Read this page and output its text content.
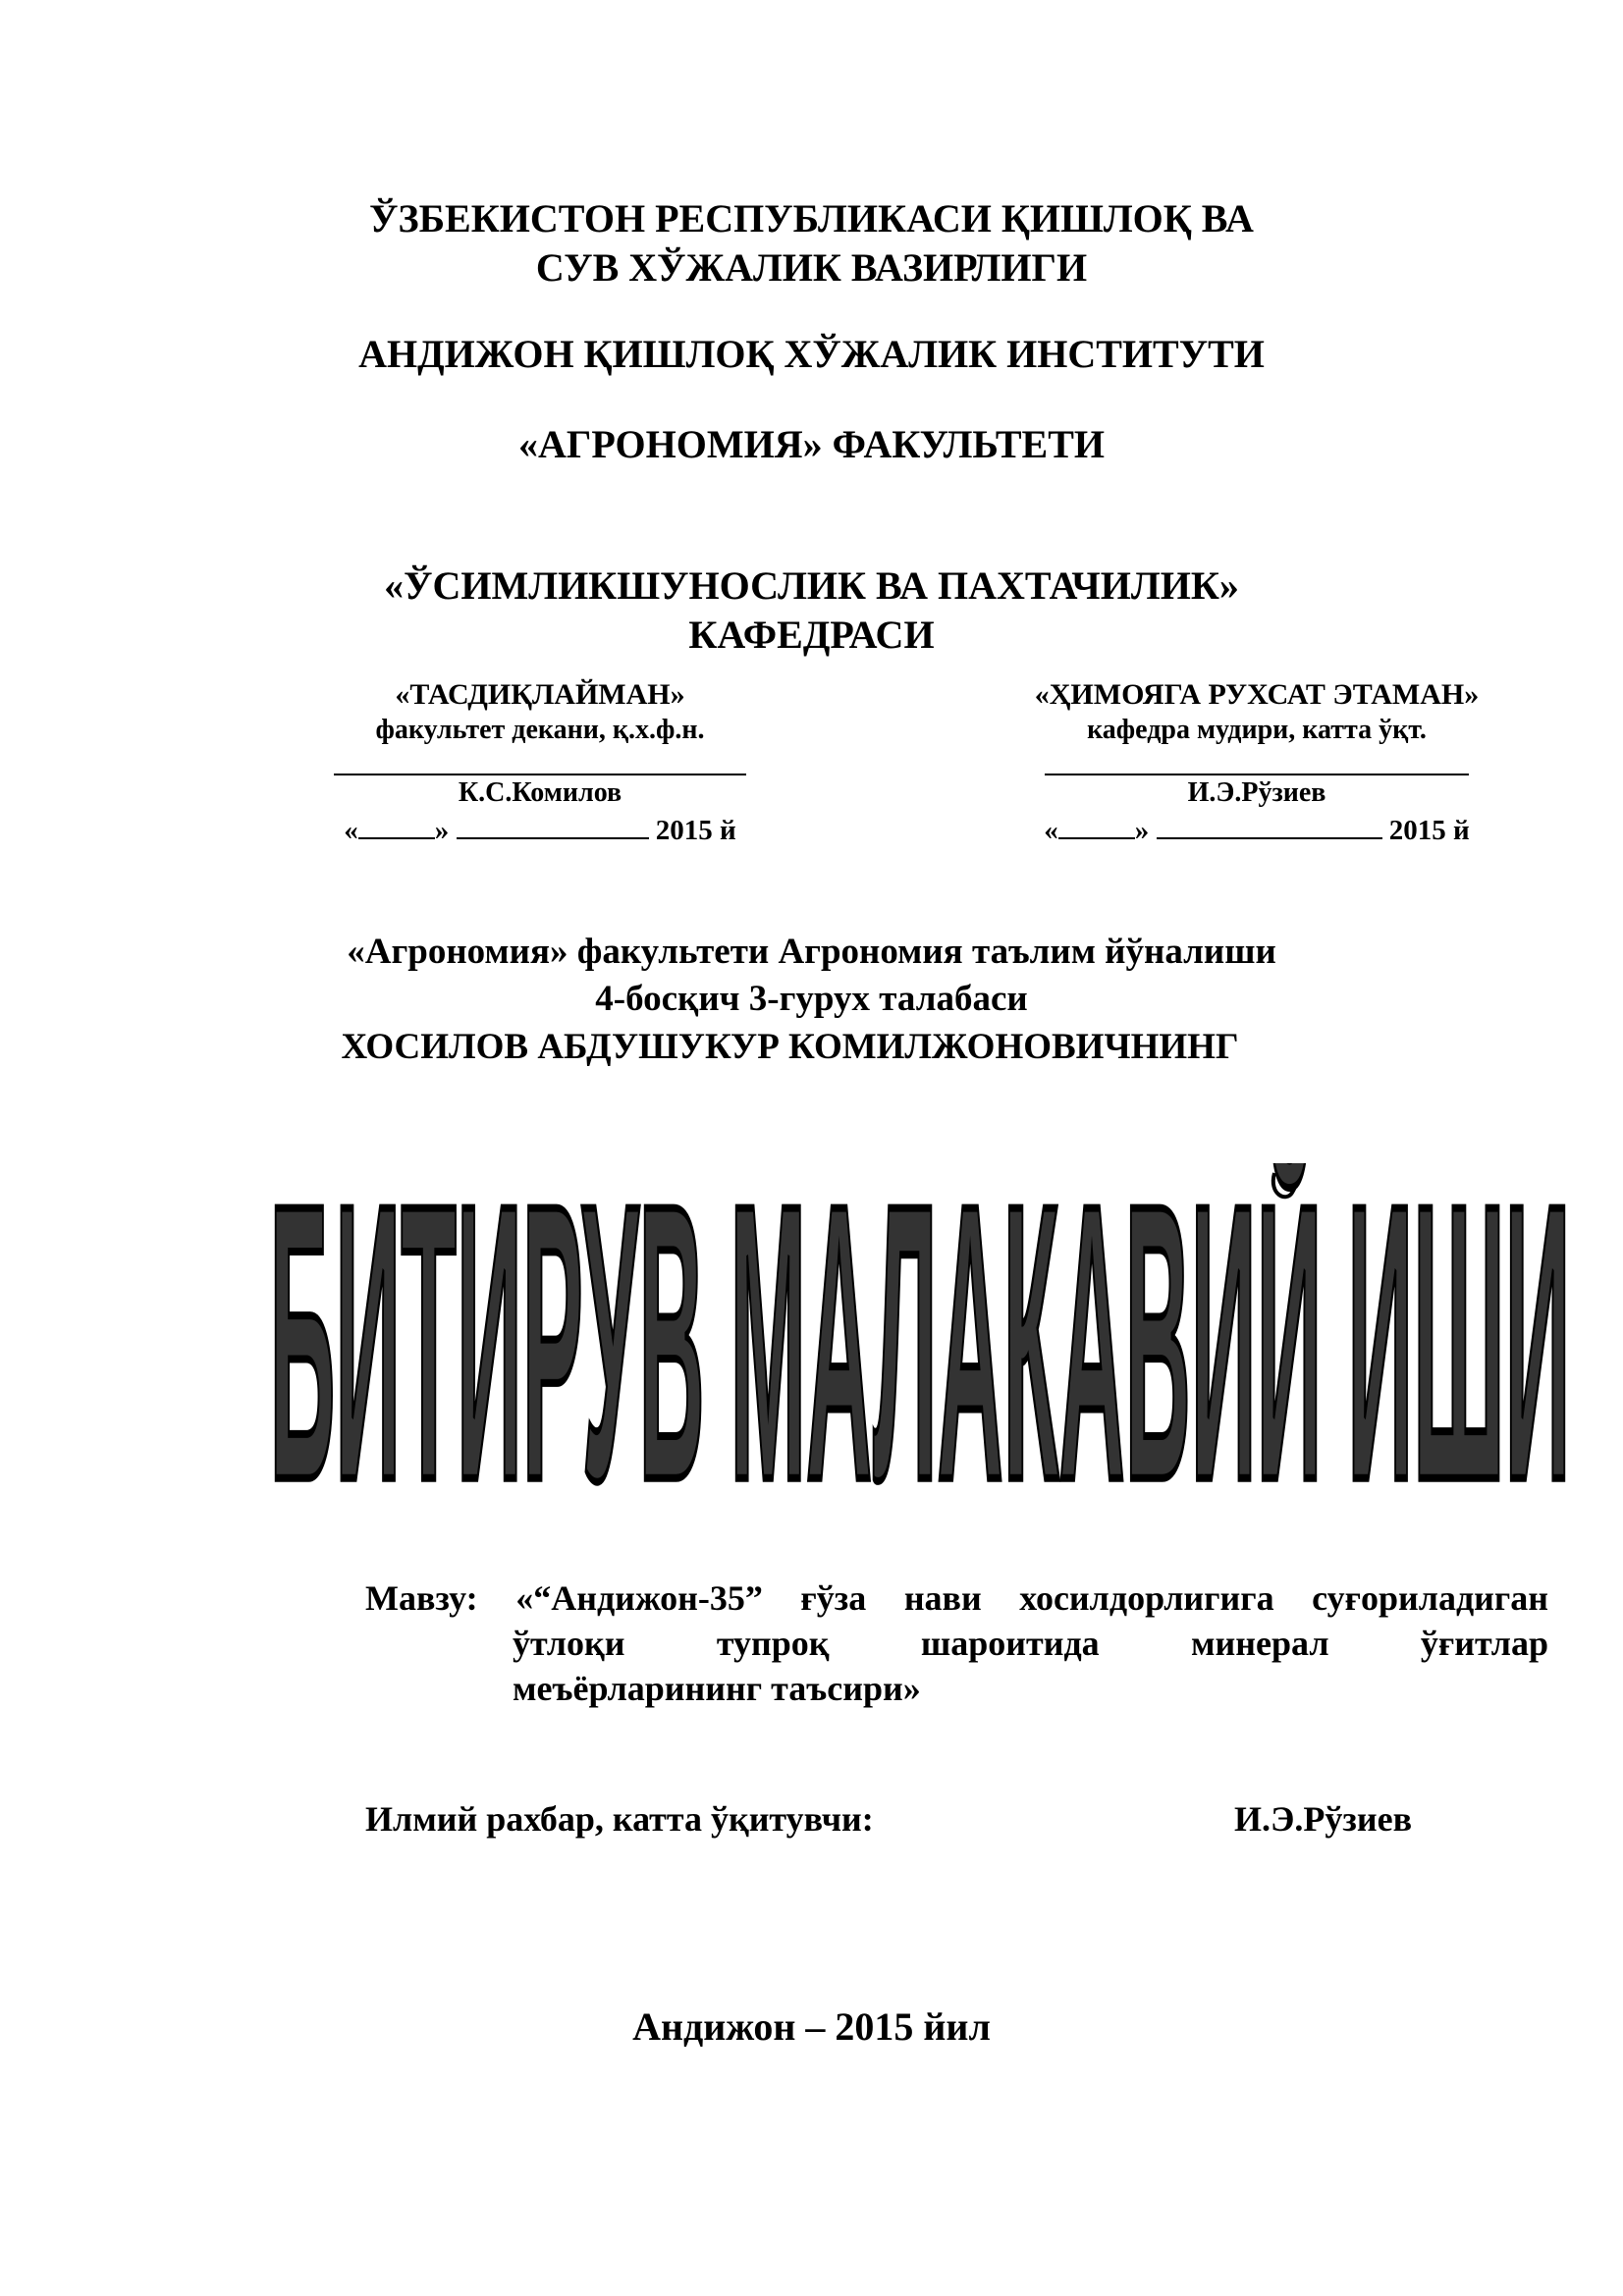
ЎЗБЕКИСТОН РЕСПУБЛИКАСИ ҚИШЛОҚ ВА
СУВ ХЎЖАЛИК ВАЗИРЛИГИ
АНДИЖОН ҚИШЛОҚ ХЎЖАЛИК ИНСТИТУТИ
«АГРОНОМИЯ» ФАКУЛЬТЕТИ
«ЎСИМЛИКШУНОСЛИК ВА ПАХТАЧИЛИК»
КАФЕДРАСИ
«ТАСДИҚЛАЙМАН»
факультет декани, қ.х.ф.н.
К.С.Комилов
«	»	2015 й
«ҲИМОЯГА РУХСАТ ЭТАМАН»
кафедра мудири, катта ўқт.
И.Э.Рўзиев
«	»	2015 й
«Агрономия» факультети Агрономия таълим йўналиши
4-босқич 3-гурух талабаси
ХОСИЛОВ АБДУШУКУР КОМИЛЖОНОВИЧНИНГ
БИТИРУВ МАЛАКАВИЙ ИШИ
Мавзу: «“Андижон-35” ғўза нави хосилдорлигига суғориладиган
ўтлоқи тупроқ шароитида минерал ўғитлар
меъёрларининг таъсири»
Илмий рахбар, катта ўқитувчи:	И.Э.Рўзиев
Андижон – 2015 йил
